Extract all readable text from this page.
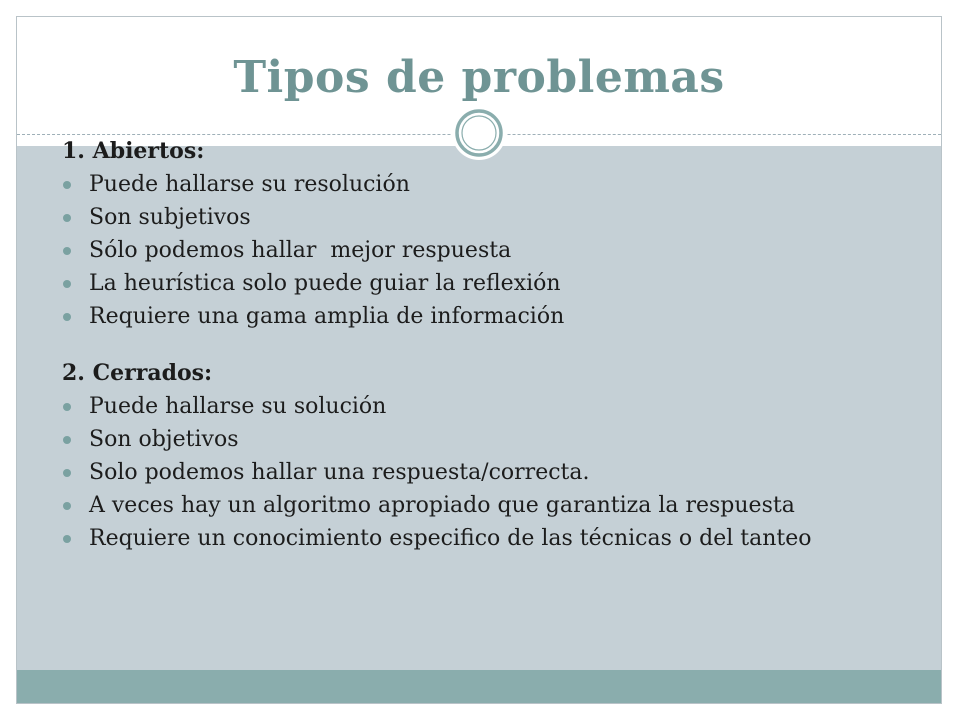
Tipos de problemas

1. Abiertos:

Puede hallarse su resolución
Son subjetivos
Sólo podemos hallar  mejor respuesta
La heurística solo puede guiar la reflexión
Requiere una gama amplia de información

2. Cerrados:

Puede hallarse su solución
Son objetivos
Solo podemos hallar una respuesta/correcta.
A veces hay un algoritmo apropiado que garantiza la respuesta
Requiere un conocimiento especifico de las técnicas o del tanteo
